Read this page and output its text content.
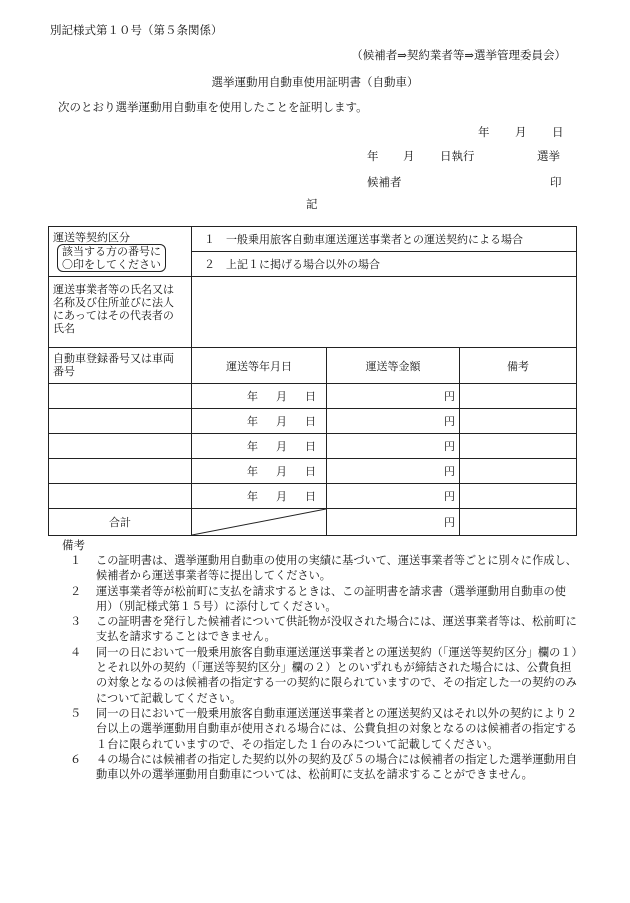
別記様式第１０号（第５条関係）
（候補者⇒契約業者等⇒選挙管理委員会）
選挙運動用自動車使用証明書（自動車）
次のとおり選挙運動用自動車を使用したことを証明します。
年 月 日
年 月 日執行	選挙
候補者	印
記
運送等契約区分
該当する方の番号に
〇印をしてください	１　一般乗用旅客自動車運送運送事業者との運送契約による場合		
	２　上記１に掲げる場合以外の場合		

運送事業者等の氏名又は
名称及び住所並びに法人
にあってはその代表者の
氏名			

自動車登録番号又は車両
番号	運送等年月日	運送等金額	備考

	年 月 日	円	

	年 月 日	円	

	年 月 日	円	

	年 月 日	円	

	年 月 日	円	
合計		円	
備考
１	この証明書は、選挙運動用自動車の使用の実績に基づいて、運送事業者等ごとに別々に作成し、候補者から運送事業者等に提出してください。
２	運送事業者等が松前町に支払を請求するときは、この証明書を請求書（選挙運動用自動車の使用）（別記様式第１５号）に添付してください。
３	この証明書を発行した候補者について供託物が没収された場合には、運送事業者等は、松前町に支払を請求することはできません。
４	同一の日において一般乗用旅客自動車運送運送事業者との運送契約（「運送等契約区分」欄の１）とそれ以外の契約（「運送等契約区分」欄の２）とのいずれもが締結された場合には、公費負担の対象となるのは候補者の指定する一の契約に限られていますので、その指定した一の契約のみについて記載してください。
５	同一の日において一般乗用旅客自動車運送運送事業者との運送契約又はそれ以外の契約により２台以上の選挙運動用自動車が使用される場合には、公費負担の対象となるのは候補者の指定する１台に限られていますので、その指定した１台のみについて記載してください。
６	４の場合には候補者の指定した契約以外の契約及び５の場合には候補者の指定した選挙運動用自動車以外の選挙運動用自動車については、松前町に支払を請求することができません。
